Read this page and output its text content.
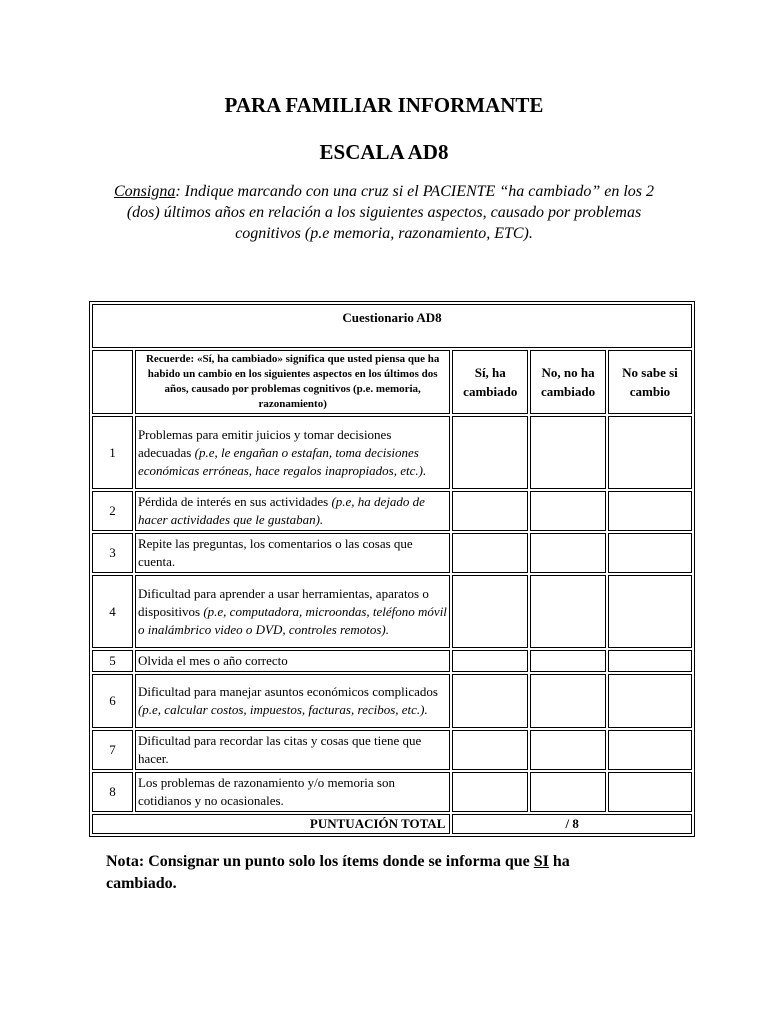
PARA FAMILIAR INFORMANTE
ESCALA AD8
Consigna: Indique marcando con una cruz si el PACIENTE “ha cambiado” en los 2 (dos) últimos años en relación a los siguientes aspectos, causado por problemas cognitivos (p.e memoria, razonamiento, ETC).
Cuestionario AD8				
	Recuerde: «Sí, ha cambiado» significa que usted piensa que ha habido un cambio en los siguientes aspectos en los últimos dos años, causado por problemas cognitivos (p.e. memoria, razonamiento)	Sí, ha cambiado	No, no ha cambiado	No sabe si cambio
1	Problemas para emitir juicios y tomar decisiones adecuadas (p.e, le engañan o estafan, toma decisiones económicas erróneas, hace regalos inapropiados, etc.).			
2	Pérdida de interés en sus actividades (p.e, ha dejado de hacer actividades que le gustaban).			
3	Repite las preguntas, los comentarios o las cosas que cuenta.			
4	Dificultad para aprender a usar herramientas, aparatos o dispositivos (p.e, computadora, microondas, teléfono móvil o inalámbrico video o DVD, controles remotos).			
5	Olvida el mes o año correcto			
6	Dificultad para manejar asuntos económicos complicados (p.e, calcular costos, impuestos, facturas, recibos, etc.).			
7	Dificultad para recordar las citas y cosas que tiene que hacer.			
8	Los problemas de razonamiento y/o memoria son cotidianos y no ocasionales.			
PUNTUACIÓN TOTAL		/ 8		
Nota: Consignar un punto solo los ítems donde se informa que SI ha cambiado.
